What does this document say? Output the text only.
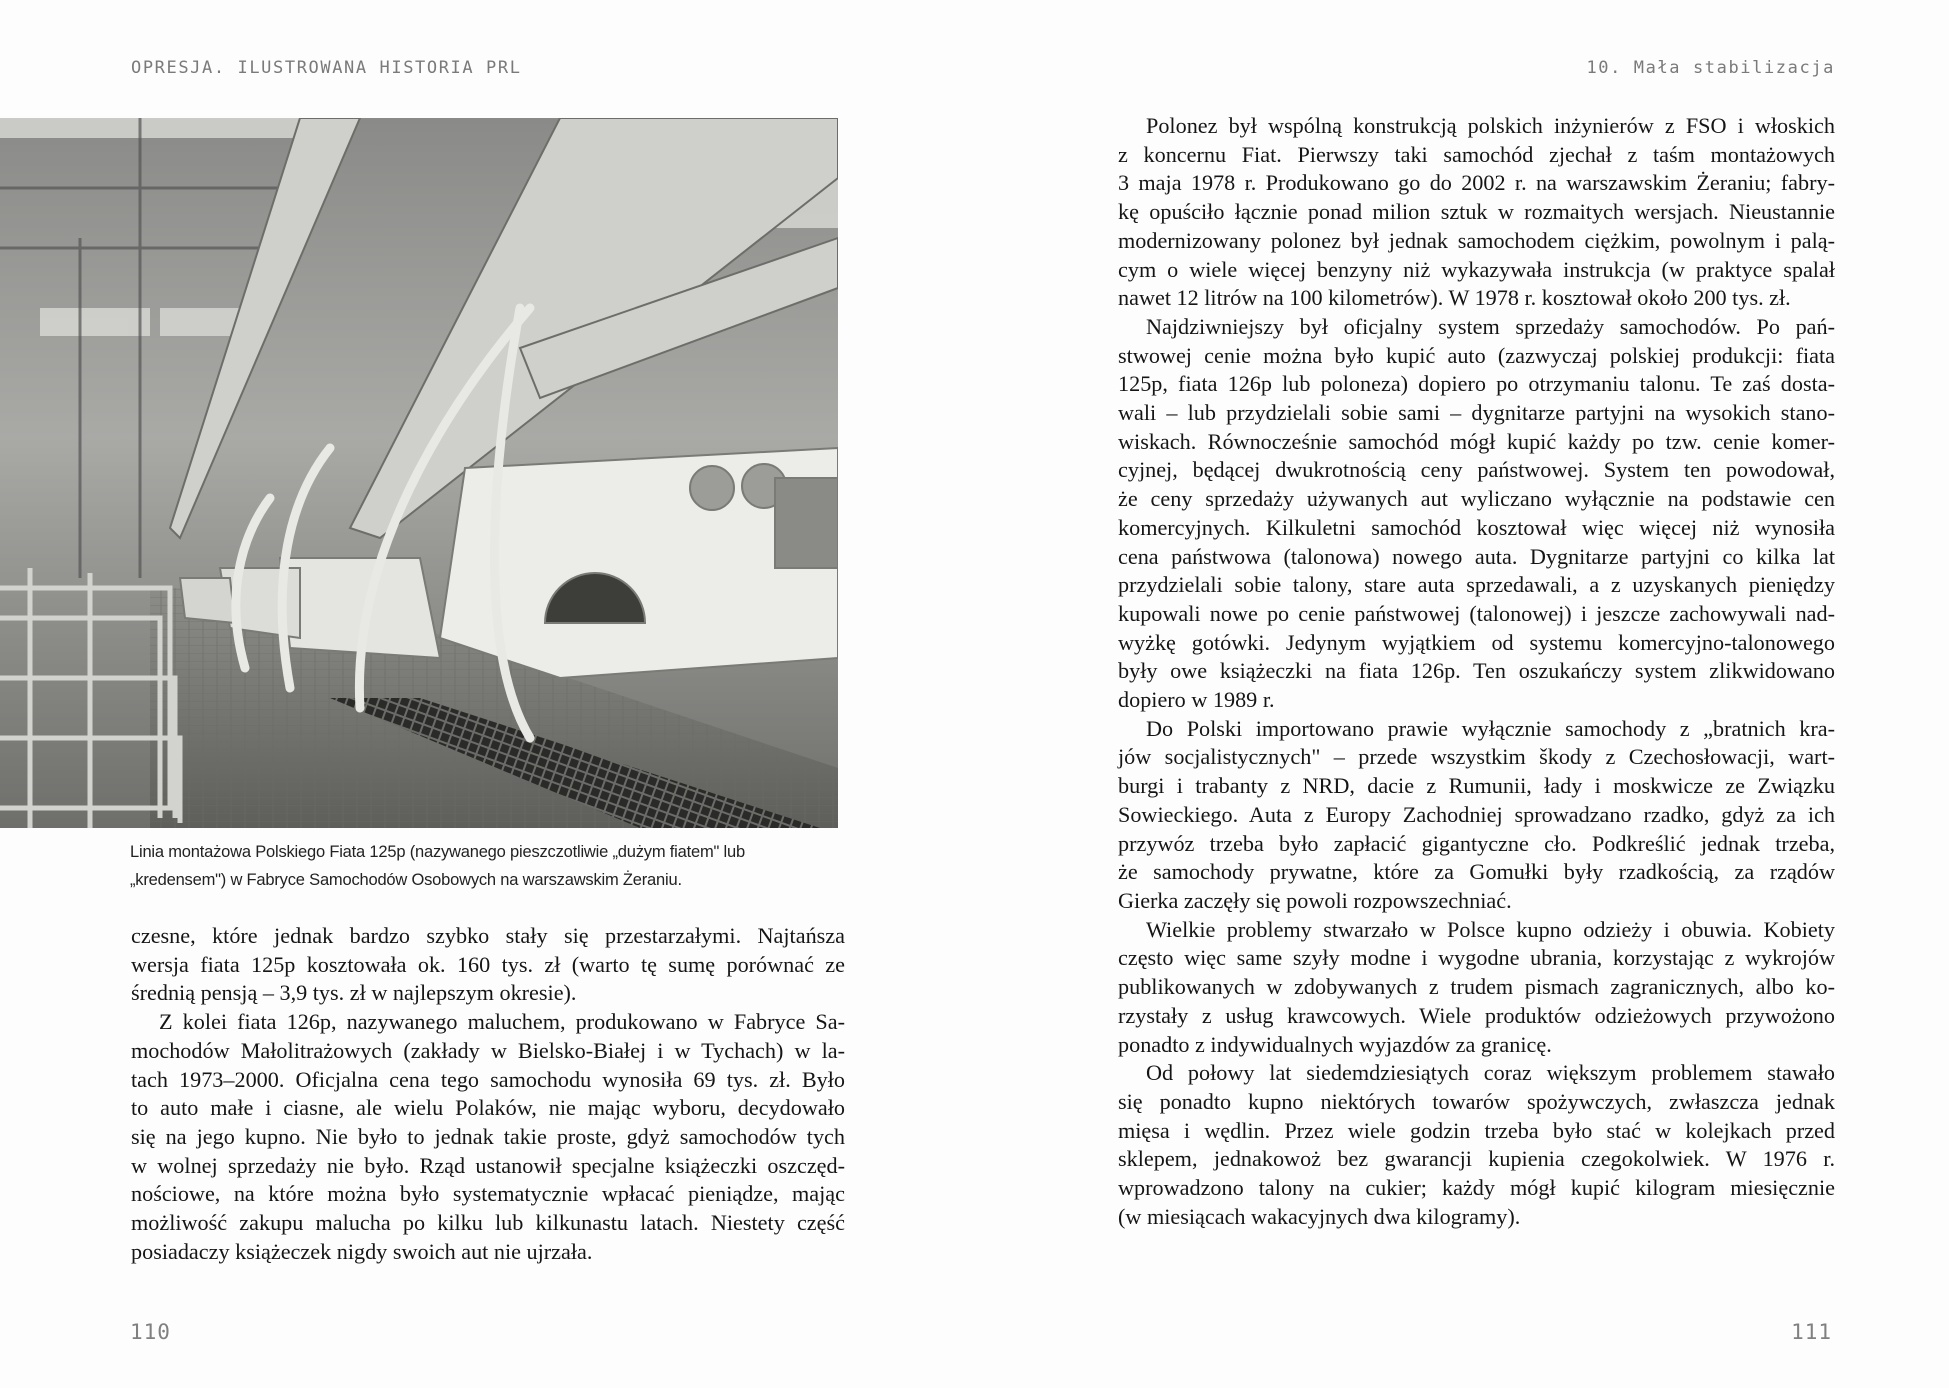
OPRESJA. ILUSTROWANA HISTORIA PRL
Linia montażowa Polskiego Fiata 125p (nazywanego pieszczotliwie „dużym fiatem" lub
„kredensem") w Fabryce Samochodów Osobowych na warszawskim Żeraniu.

czesne, które jednak bardzo szybko stały się przestarzałymi. Najtańsza
wersja fiata 125p kosztowała ok. 160 tys. zł (warto tę sumę porównać ze
średnią pensją – 3,9 tys. zł w najlepszym okresie).

Z kolei fiata 126p, nazywanego maluchem, produkowano w Fabryce Sa-
mochodów Małolitrażowych (zakłady w Bielsko-Białej i w Tychach) w la-
tach 1973–2000. Oficjalna cena tego samochodu wynosiła 69 tys. zł. Było
to auto małe i ciasne, ale wielu Polaków, nie mając wyboru, decydowało
się na jego kupno. Nie było to jednak takie proste, gdyż samochodów tych
w wolnej sprzedaży nie było. Rząd ustanowił specjalne książeczki oszczęd-
nościowe, na które można było systematycznie wpłacać pieniądze, mając
możliwość zakupu malucha po kilku lub kilkunastu latach. Niestety część
posiadaczy książeczek nigdy swoich aut nie ujrzała.

110
10. Mała stabilizacja

Polonez był wspólną konstrukcją polskich inżynierów z FSO i włoskich
z koncernu Fiat. Pierwszy taki samochód zjechał z taśm montażowych
3 maja 1978 r. Produkowano go do 2002 r. na warszawskim Żeraniu; fabry-
kę opuściło łącznie ponad milion sztuk w rozmaitych wersjach. Nieustannie
modernizowany polonez był jednak samochodem ciężkim, powolnym i palą-
cym o wiele więcej benzyny niż wykazywała instrukcja (w praktyce spalał
nawet 12 litrów na 100 kilometrów). W 1978 r. kosztował około 200 tys. zł.

Najdziwniejszy był oficjalny system sprzedaży samochodów. Po pań-
stwowej cenie można było kupić auto (zazwyczaj polskiej produkcji: fiata
125p, fiata 126p lub poloneza) dopiero po otrzymaniu talonu. Te zaś dosta-
wali – lub przydzielali sobie sami – dygnitarze partyjni na wysokich stano-
wiskach. Równocześnie samochód mógł kupić każdy po tzw. cenie komer-
cyjnej, będącej dwukrotnością ceny państwowej. System ten powodował,
że ceny sprzedaży używanych aut wyliczano wyłącznie na podstawie cen
komercyjnych. Kilkuletni samochód kosztował więc więcej niż wynosiła
cena państwowa (talonowa) nowego auta. Dygnitarze partyjni co kilka lat
przydzielali sobie talony, stare auta sprzedawali, a z uzyskanych pieniędzy
kupowali nowe po cenie państwowej (talonowej) i jeszcze zachowywali nad-
wyżkę gotówki. Jedynym wyjątkiem od systemu komercyjno-talonowego
były owe książeczki na fiata 126p. Ten oszukańczy system zlikwidowano
dopiero w 1989 r.

Do Polski importowano prawie wyłącznie samochody z „bratnich kra-
jów socjalistycznych" – przede wszystkim škody z Czechosłowacji, wart-
burgi i trabanty z NRD, dacie z Rumunii, łady i moskwicze ze Związku
Sowieckiego. Auta z Europy Zachodniej sprowadzano rzadko, gdyż za ich
przywóz trzeba było zapłacić gigantyczne cło. Podkreślić jednak trzeba,
że samochody prywatne, które za Gomułki były rzadkością, za rządów
Gierka zaczęły się powoli rozpowszechniać.

Wielkie problemy stwarzało w Polsce kupno odzieży i obuwia. Kobiety
często więc same szyły modne i wygodne ubrania, korzystając z wykrojów
publikowanych w zdobywanych z trudem pismach zagranicznych, albo ko-
rzystały z usług krawcowych. Wiele produktów odzieżowych przywożono
ponadto z indywidualnych wyjazdów za granicę.

Od połowy lat siedemdziesiątych coraz większym problemem stawało
się ponadto kupno niektórych towarów spożywczych, zwłaszcza jednak
mięsa i wędlin. Przez wiele godzin trzeba było stać w kolejkach przed
sklepem, jednakowoż bez gwarancji kupienia czegokolwiek. W 1976 r.
wprowadzono talony na cukier; każdy mógł kupić kilogram miesięcznie
(w miesiącach wakacyjnych dwa kilogramy).

111
